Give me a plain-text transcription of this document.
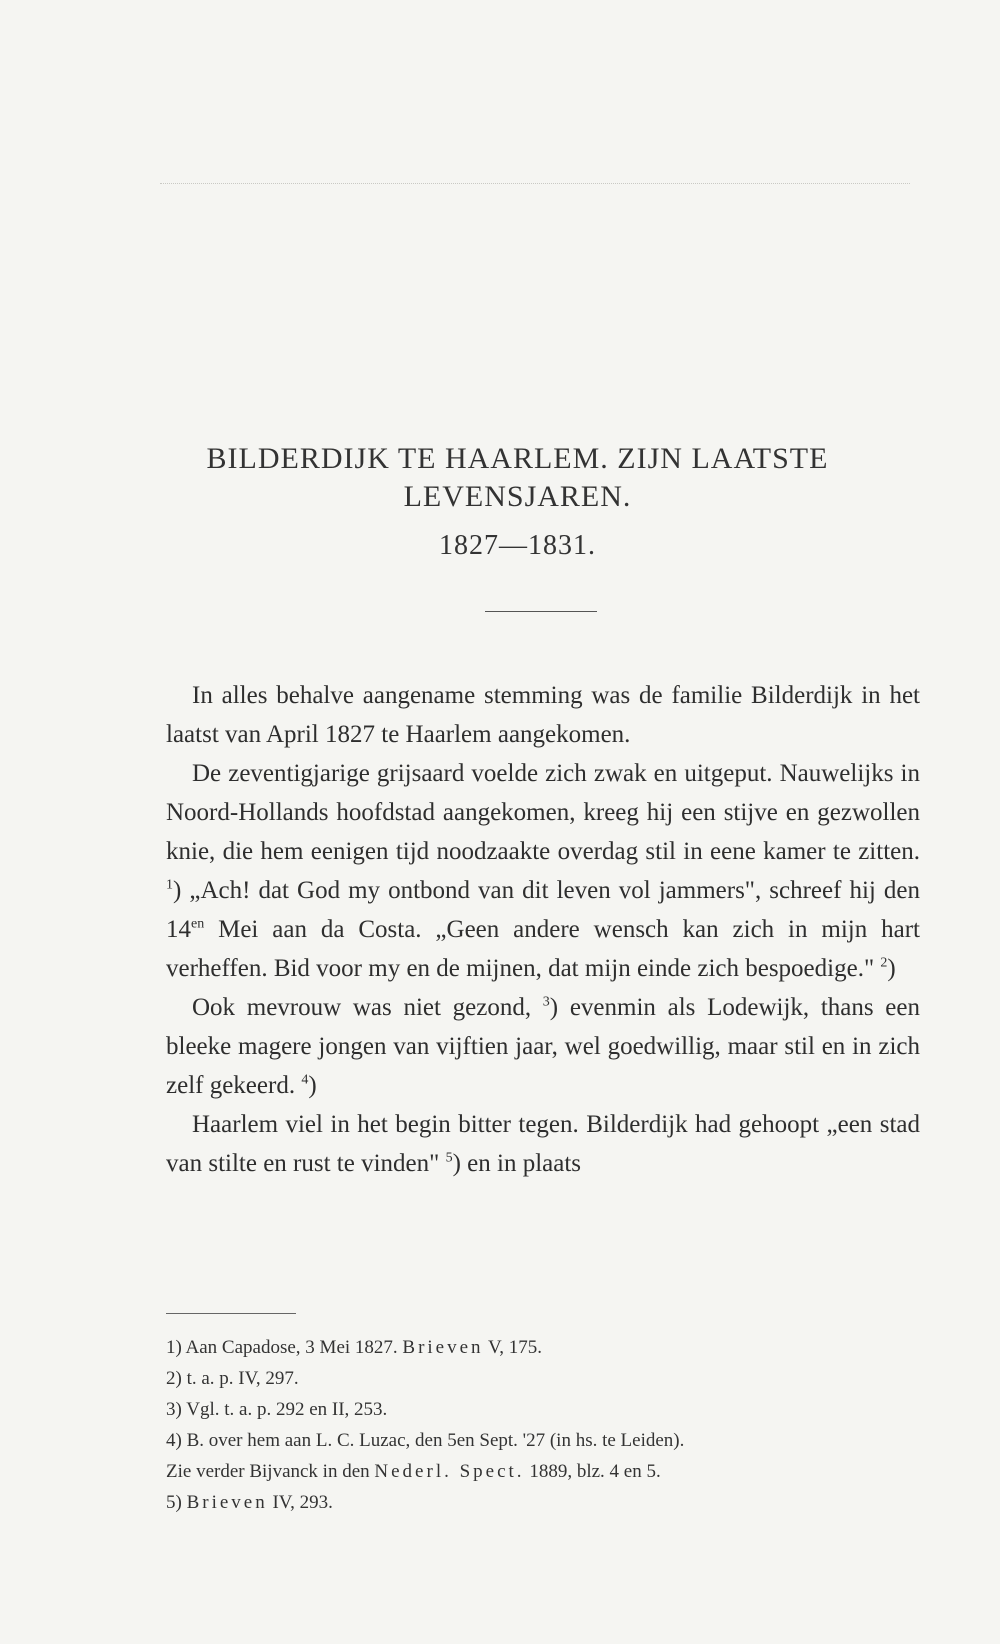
BILDERDIJK TE HAARLEM. ZIJN LAATSTE
LEVENSJAREN.
1827—1831.

In alles behalve aangename stemming was de familie Bilderdijk in het laatst van April 1827 te Haarlem aangekomen.

De zeventigjarige grijsaard voelde zich zwak en uitgeput. Nauwelijks in Noord-Hollands hoofdstad aangekomen, kreeg hij een stijve en gezwollen knie, die hem eenigen tijd noodzaakte overdag stil in eene kamer te zitten. $^1$) „Ach! dat God my ontbond van dit leven vol jammers", schreef hij den $14^{en}$ Mei aan da Costa. „Geen andere wensch kan zich in mijn hart verheffen. Bid voor my en de mijnen, dat mijn einde zich bespoedige." $^2$)

Ook mevrouw was niet gezond, $^3$) evenmin als Lodewijk, thans een bleeke magere jongen van vijftien jaar, wel goedwillig, maar stil en in zich zelf gekeerd. $^4$)

Haarlem viel in het begin bitter tegen. Bilderdijk had gehoopt „een stad van stilte en rust te vinden" $^5$) en in plaats

1) Aan Capadose, 3 Mei 1827. Brieven V, 175.
2) t. a. p. IV, 297.
3) Vgl. t. a. p. 292 en II, 253.
4) B. over hem aan L. C. Luzac, den 5en Sept. '27 (in hs. te Leiden).
Zie verder Bijvanck in den Nederl. Spect. 1889, blz. 4 en 5.
5) Brieven IV, 293.
